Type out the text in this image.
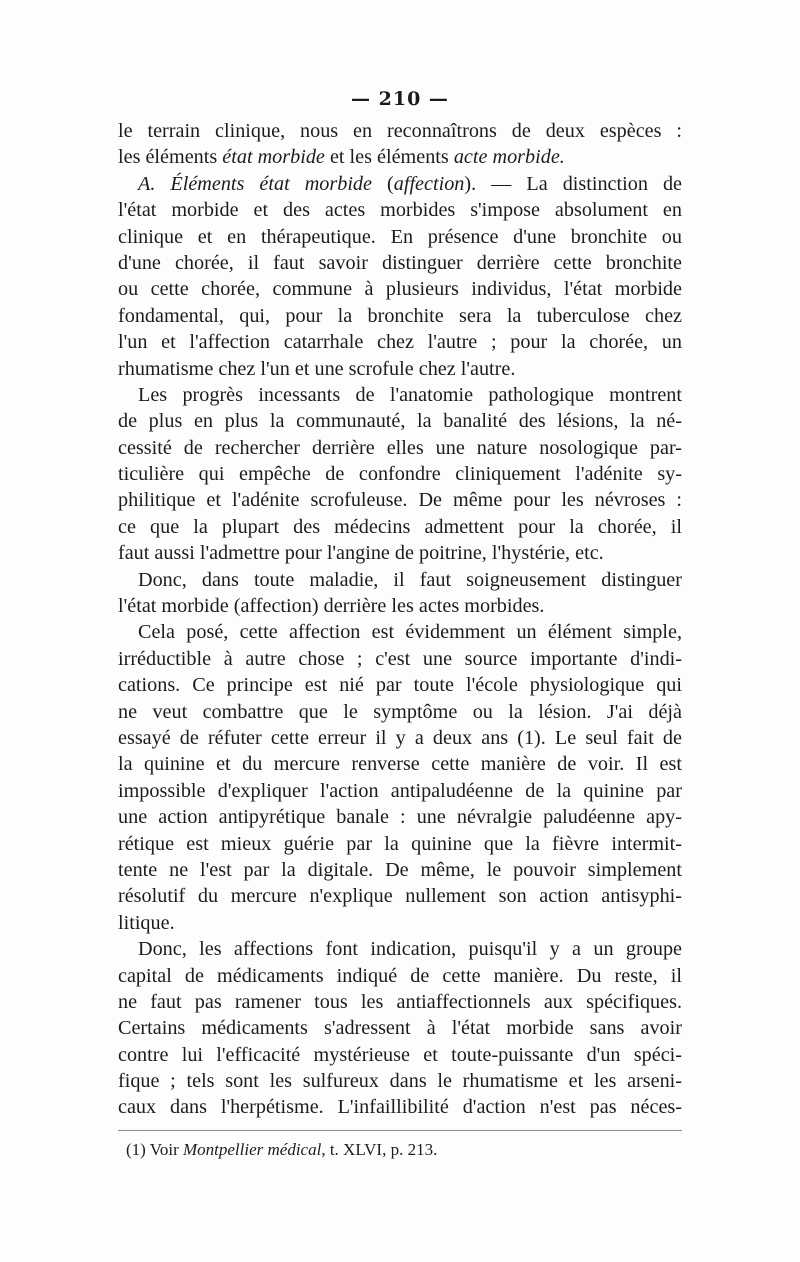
— 210 —
le terrain clinique, nous en reconnaîtrons de deux espèces :
les éléments état morbide et les éléments acte morbide.
A. Éléments état morbide (affection). — La distinction de
l'état morbide et des actes morbides s'impose absolument en
clinique et en thérapeutique. En présence d'une bronchite ou
d'une chorée, il faut savoir distinguer derrière cette bronchite
ou cette chorée, commune à plusieurs individus, l'état morbide
fondamental, qui, pour la bronchite sera la tuberculose chez
l'un et l'affection catarrhale chez l'autre ; pour la chorée, un
rhumatisme chez l'un et une scrofule chez l'autre.
Les progrès incessants de l'anatomie pathologique montrent
de plus en plus la communauté, la banalité des lésions, la né-
cessité de rechercher derrière elles une nature nosologique par-
ticulière qui empêche de confondre cliniquement l'adénite sy-
philitique et l'adénite scrofuleuse. De même pour les névroses :
ce que la plupart des médecins admettent pour la chorée, il
faut aussi l'admettre pour l'angine de poitrine, l'hystérie, etc.
Donc, dans toute maladie, il faut soigneusement distinguer
l'état morbide (affection) derrière les actes morbides.
Cela posé, cette affection est évidemment un élément simple,
irréductible à autre chose ; c'est une source importante d'indi-
cations. Ce principe est nié par toute l'école physiologique qui
ne veut combattre que le symptôme ou la lésion. J'ai déjà
essayé de réfuter cette erreur il y a deux ans (1). Le seul fait de
la quinine et du mercure renverse cette manière de voir. Il est
impossible d'expliquer l'action antipaludéenne de la quinine par
une action antipyrétique banale : une névralgie paludéenne apy-
rétique est mieux guérie par la quinine que la fièvre intermit-
tente ne l'est par la digitale. De même, le pouvoir simplement
résolutif du mercure n'explique nullement son action antisyphi-
litique.
Donc, les affections font indication, puisqu'il y a un groupe
capital de médicaments indiqué de cette manière. Du reste, il
ne faut pas ramener tous les antiaffectionnels aux spécifiques.
Certains médicaments s'adressent à l'état morbide sans avoir
contre lui l'efficacité mystérieuse et toute-puissante d'un spéci-
fique ; tels sont les sulfureux dans le rhumatisme et les arseni-
caux dans l'herpétisme. L'infaillibilité d'action n'est pas néces-
(1) Voir Montpellier médical, t. XLVI, p. 213.
